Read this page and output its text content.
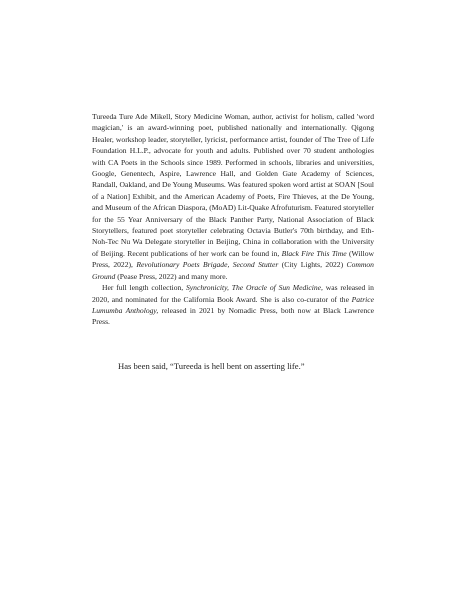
Tureeda Ture Ade Mikell, Story Medicine Woman, author, activist for holism, called 'word magician,' is an award-winning poet, published nationally and internationally. Qigong Healer, workshop leader, storyteller, lyricist, performance artist, founder of The Tree of Life Foundation H.L.P., advocate for youth and adults. Published over 70 student anthologies with CA Poets in the Schools since 1989. Performed in schools, libraries and universities, Google, Genentech, Aspire, Lawrence Hall, and Golden Gate Academy of Sciences, Randall, Oakland, and De Young Museums. Was featured spoken word artist at SOAN [Soul of a Nation] Exhibit, and the American Academy of Poets, Fire Thieves, at the De Young, and Museum of the African Diaspora, (MoAD) Lit-Quake Afrofuturism. Featured storyteller for the 55 Year Anniversary of the Black Panther Party, National Association of Black Storytellers, featured poet storyteller celebrating Octavia Butler's 70th birthday, and Eth-Noh-Tec Nu Wa Delegate storyteller in Beijing, China in collaboration with the University of Beijing. Recent publications of her work can be found in, Black Fire This Time (Willow Press, 2022), Revolutionary Poets Brigade, Second Stutter (City Lights, 2022) Common Ground (Pease Press, 2022) and many more.

Her full length collection, Synchronicity, The Oracle of Sun Medicine, was released in 2020, and nominated for the California Book Award. She is also co-curator of the Patrice Lumumba Anthology, released in 2021 by Nomadic Press, both now at Black Lawrence Press.

Has been said, “Tureeda is hell bent on asserting life.”
